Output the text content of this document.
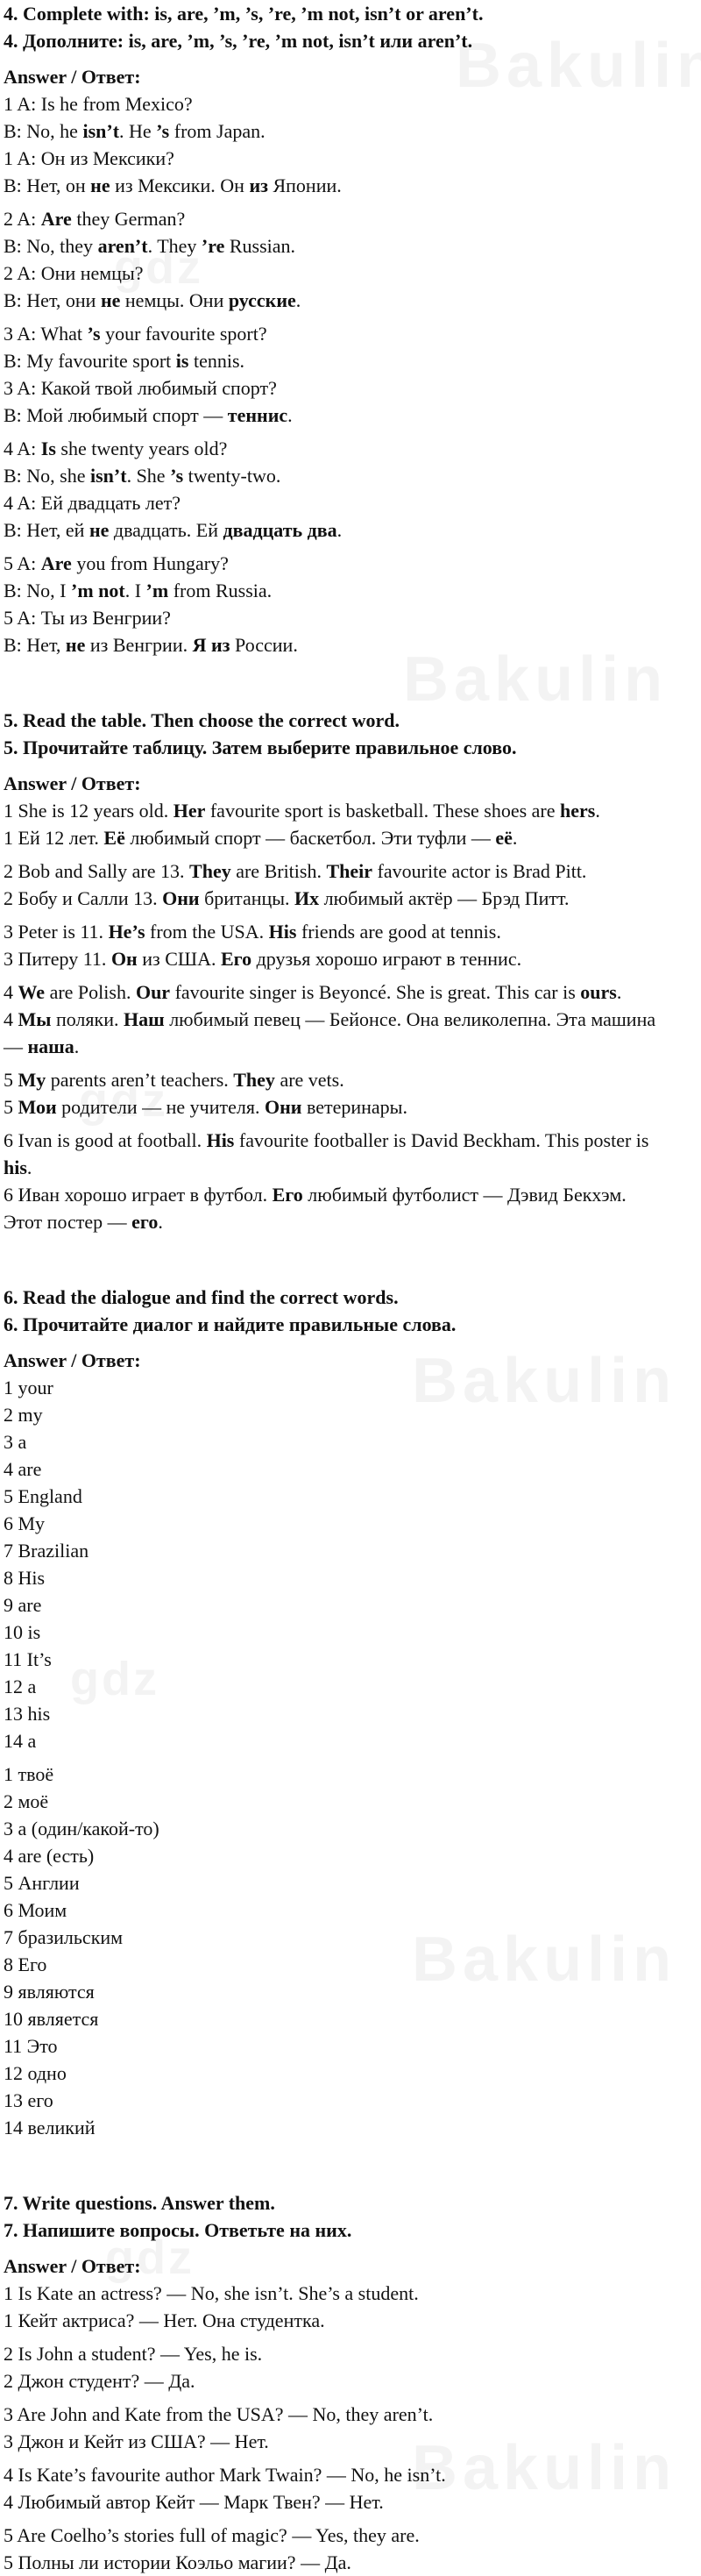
4. Complete with: is, are, ’m, ’s, ’re, ’m not, isn’t or aren’t.
4. Дополните: is, are, ’m, ’s, ’re, ’m not, isn’t или aren’t.
Answer / Ответ:
1 A: Is he from Mexico?
B: No, he isn’t. He ’s from Japan.
1 A: Он из Мексики?
B: Нет, он не из Мексики. Он из Японии.
2 A: Are they German?
B: No, they aren’t. They ’re Russian.
2 A: Они немцы?
B: Нет, они не немцы. Они русские.
3 A: What ’s your favourite sport?
B: My favourite sport is tennis.
3 A: Какой твой любимый спорт?
B: Мой любимый спорт — теннис.
4 A: Is she twenty years old?
B: No, she isn’t. She ’s twenty-two.
4 A: Ей двадцать лет?
B: Нет, ей не двадцать. Ей двадцать два.
5 A: Are you from Hungary?
B: No, I ’m not. I ’m from Russia.
5 A: Ты из Венгрии?
B: Нет, не из Венгрии. Я из России.
5. Read the table. Then choose the correct word.
5. Прочитайте таблицу. Затем выберите правильное слово.
Answer / Ответ:
1 She is 12 years old. Her favourite sport is basketball. These shoes are hers.
1 Ей 12 лет. Её любимый спорт — баскетбол. Эти туфли — её.
2 Bob and Sally are 13. They are British. Their favourite actor is Brad Pitt.
2 Бобу и Салли 13. Они британцы. Их любимый актёр — Брэд Питт.
3 Peter is 11. He’s from the USA. His friends are good at tennis.
3 Питеру 11. Он из США. Его друзья хорошо играют в теннис.
4 We are Polish. Our favourite singer is Beyoncé. She is great. This car is ours.
4 Мы поляки. Наш любимый певец — Бейонсе. Она великолепна. Эта машина
— наша.
5 My parents aren’t teachers. They are vets.
5 Мои родители — не учителя. Они ветеринары.
6 Ivan is good at football. His favourite footballer is David Beckham. This poster is
his.
6 Иван хорошо играет в футбол. Его любимый футболист — Дэвид Бекхэм.
Этот постер — его.
6. Read the dialogue and find the correct words.
6. Прочитайте диалог и найдите правильные слова.
Answer / Ответ:
1 your
2 my
3 a
4 are
5 England
6 My
7 Brazilian
8 His
9 are
10 is
11 It’s
12 a
13 his
14 a
1 твоё
2 моё
3 a (один/какой-то)
4 are (есть)
5 Англии
6 Моим
7 бразильским
8 Его
9 являются
10 является
11 Это
12 одно
13 его
14 великий
7. Write questions. Answer them.
7. Напишите вопросы. Ответьте на них.
Answer / Ответ:
1 Is Kate an actress? — No, she isn’t. She’s a student.
1 Кейт актриса? — Нет. Она студентка.
2 Is John a student? — Yes, he is.
2 Джон студент? — Да.
3 Are John and Kate from the USA? — No, they aren’t.
3 Джон и Кейт из США? — Нет.
4 Is Kate’s favourite author Mark Twain? — No, he isn’t.
4 Любимый автор Кейт — Марк Твен? — Нет.
5 Are Coelho’s stories full of magic? — Yes, they are.
5 Полны ли истории Коэльо магии? — Да.
